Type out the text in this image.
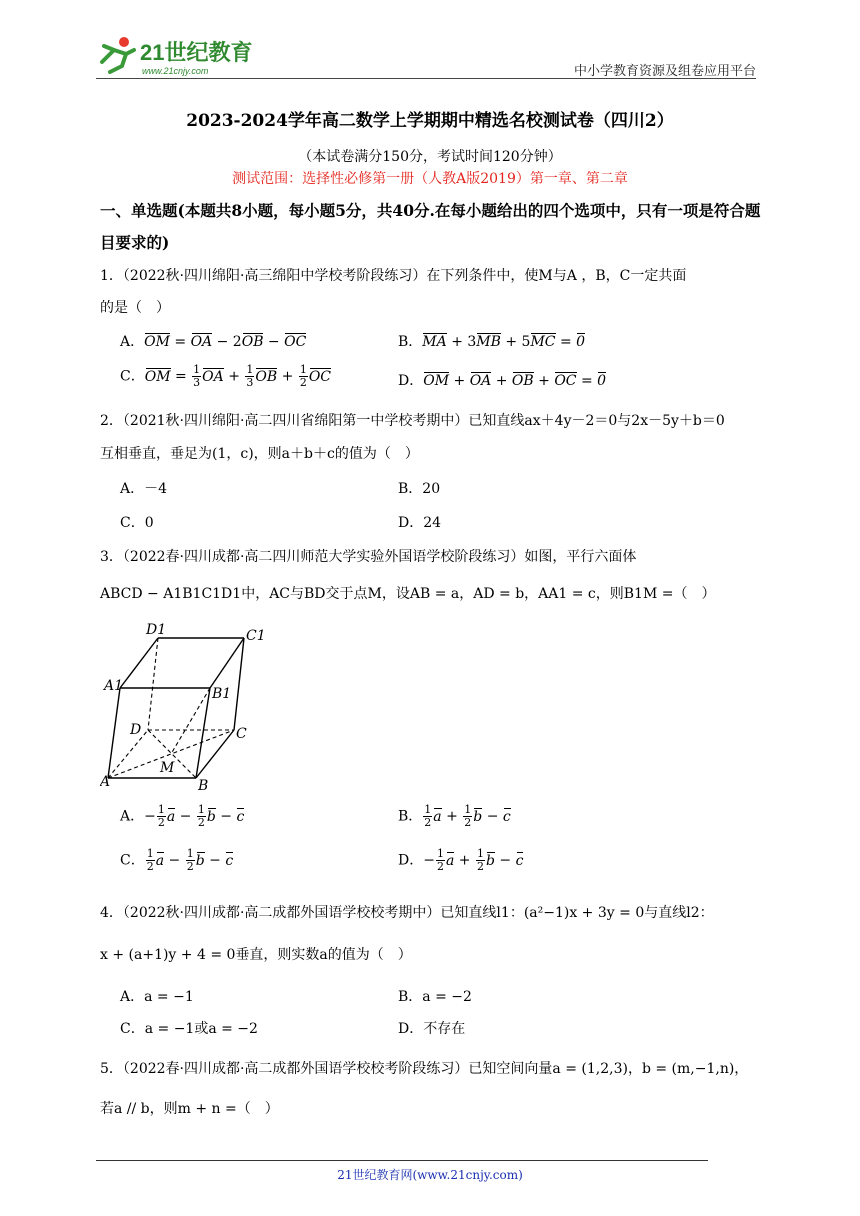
21世纪教育
www.21cnjy.com	中小学教育资源及组卷应用平台
2023-2024学年高二数学上学期期中精选名校测试卷（四川2）
（本试卷满分150分，考试时间120分钟）
测试范围：选择性必修第一册（人教A版2019）第一章、第二章
一、单选题(本题共8小题，每小题5分，共40分.在每小题给出的四个选项中，只有一项是符合题目要求的)
1．（2022秋·四川绵阳·高三绵阳中学校考阶段练习）在下列条件中，使M与A ，B，C一定共面
的是（　）
A．OM = OA − 2OB − OC	B．MA + 3MB + 5MC = 0
C．OM = $\frac{1}{3}$ OA + $\frac{1}{3}$ OB + $\frac{1}{2}$ OC	D．OM + OA + OB + OC = 0
2．（2021秋·四川绵阳·高二四川省绵阳第一中学校考期中）已知直线ax＋4y－2＝0与2x－5y＋b＝0
互相垂直，垂足为(1，c)，则a＋b＋c的值为（　）
A．－4	B．20
C．0	D．24
3．（2022春·四川成都·高二四川师范大学实验外国语学校阶段练习）如图，平行六面体
ABCD − A1B1C1D1中，AC与BD交于点M，设AB = a，AD = b，AA1 = c，则B1M =（　）
D1	C1
A1	B1
D	C
M
A	B
A．− $\frac{1}{2}$ $a - \frac{1}{2}$ b − c	B． $\frac{1}{2}$ $a + \frac{1}{2}$ b − c
C． $\frac{1}{2}$ $a - \frac{1}{2}$ b − c	D．− $\frac{1}{2}$ $a + \frac{1}{2}$ b − c
4．（2022秋·四川成都·高二成都外国语学校校考期中）已知直线l1：(a²−1)x + 3y = 0与直线l2：
x + (a+1)y + 4 = 0垂直，则实数a的值为（　）
A．a = −1	B．a = −2
C．a = −1或a = −2	D．不存在
5．（2022春·四川成都·高二成都外国语学校校考阶段练习）已知空间向量a = (1,2,3)，b = (m,−1,n)，
若a // b，则m + n =（　）
21世纪教育网(www.21cnjy.com)
